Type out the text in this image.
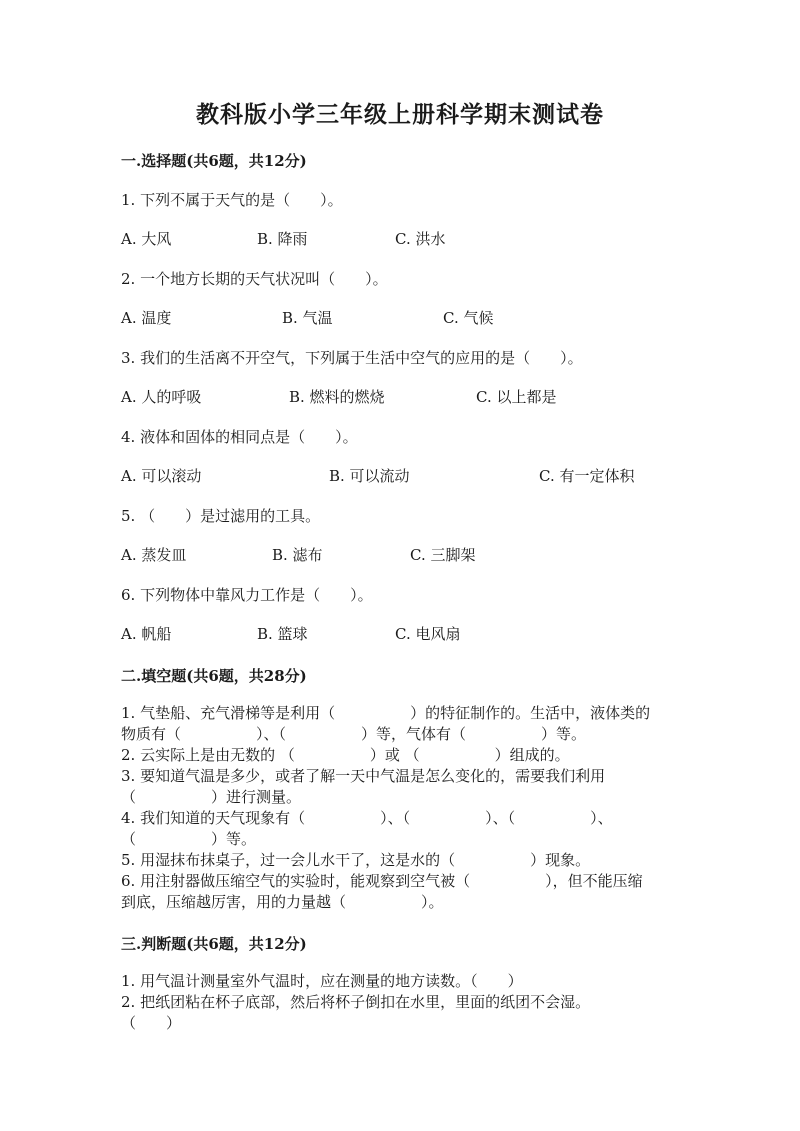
教科版小学三年级上册科学期末测试卷
一.选择题(共6题，共12分)
1. 下列不属于天气的是（　　）。
A. 大风	B. 降雨	C. 洪水
2. 一个地方长期的天气状况叫（　　）。
A. 温度	B. 气温	C. 气候
3. 我们的生活离不开空气，下列属于生活中空气的应用的是（　　）。
A. 人的呼吸	B. 燃料的燃烧	C. 以上都是
4. 液体和固体的相同点是（　　）。
A. 可以滚动	B. 可以流动	C. 有一定体积
5. （　　）是过滤用的工具。
A. 蒸发皿	B. 滤布	C. 三脚架
6. 下列物体中靠风力工作是（　　）。
A. 帆船	B. 篮球	C. 电风扇
二.填空题(共6题，共28分)
1. 气垫船、充气滑梯等是利用（　　　　　）的特征制作的。生活中，液体类的
物质有（　　　　　）、（　　　　　）等，气体有（　　　　　）等。
2. 云实际上是由无数的 （　　　　　）或 （　　　　　）组成的。
3. 要知道气温是多少，或者了解一天中气温是怎么变化的，需要我们利用
（　　　　　）进行测量。
4. 我们知道的天气现象有（　　　　　）、（　　　　　）、（　　　　　）、
（　　　　　）等。
5. 用湿抹布抹桌子，过一会儿水干了，这是水的（　　　　　）现象。
6. 用注射器做压缩空气的实验时，能观察到空气被（　　　　　），但不能压缩
到底，压缩越厉害，用的力量越（　　　　　）。
三.判断题(共6题，共12分)
1. 用气温计测量室外气温时，应在测量的地方读数。（　　）
2. 把纸团粘在杯子底部，然后将杯子倒扣在水里，里面的纸团不会湿。
（　　）
